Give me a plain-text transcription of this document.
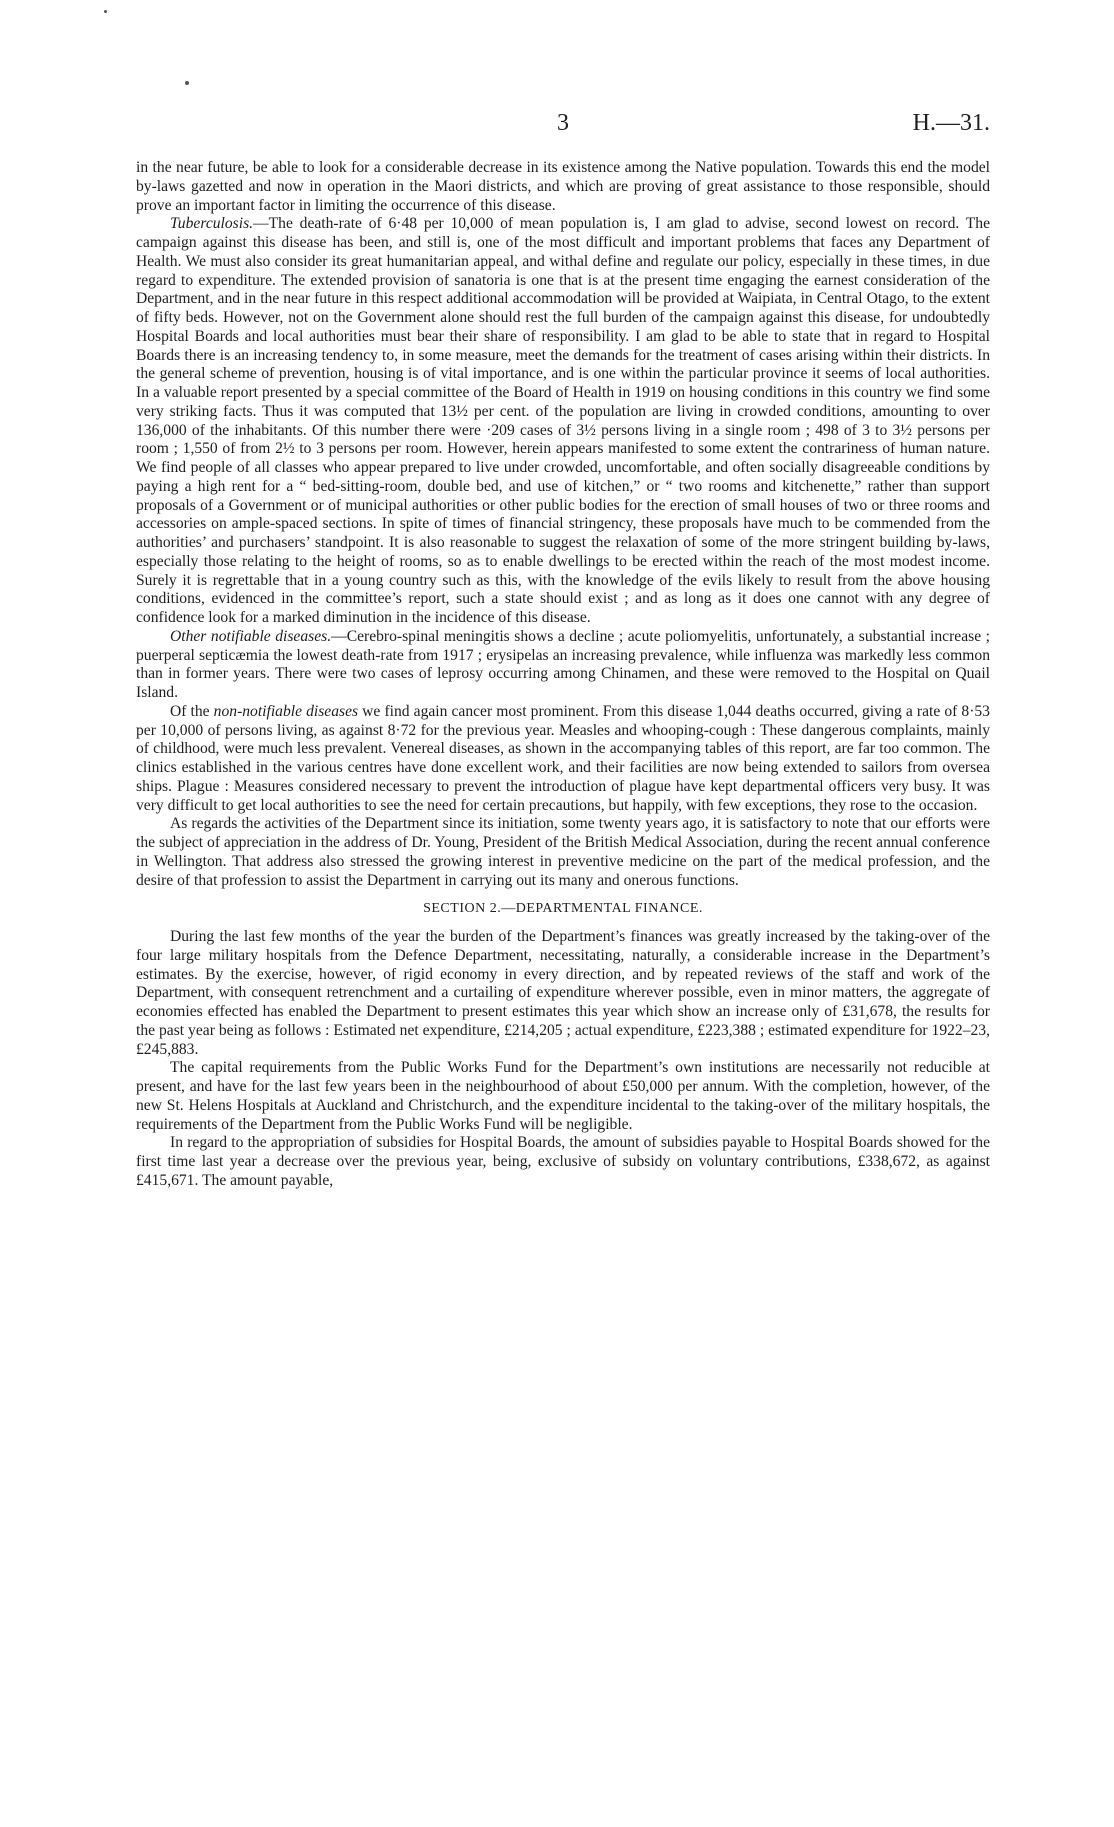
3	H.—31.

in the near future, be able to look for a considerable decrease in its existence among the Native population. Towards this end the model by-laws gazetted and now in operation in the Maori districts, and which are proving of great assistance to those responsible, should prove an important factor in limiting the occurrence of this disease.

Tuberculosis.—The death-rate of 6·48 per 10,000 of mean population is, I am glad to advise, second lowest on record. The campaign against this disease has been, and still is, one of the most difficult and important problems that faces any Department of Health. We must also consider its great humanitarian appeal, and withal define and regulate our policy, especially in these times, in due regard to expenditure. The extended provision of sanatoria is one that is at the present time engaging the earnest consideration of the Department, and in the near future in this respect additional accommodation will be provided at Waipiata, in Central Otago, to the extent of fifty beds. However, not on the Government alone should rest the full burden of the campaign against this disease, for undoubtedly Hospital Boards and local authorities must bear their share of responsibility. I am glad to be able to state that in regard to Hospital Boards there is an increasing tendency to, in some measure, meet the demands for the treatment of cases arising within their districts. In the general scheme of prevention, housing is of vital importance, and is one within the particular province it seems of local authorities. In a valuable report presented by a special committee of the Board of Health in 1919 on housing conditions in this country we find some very striking facts. Thus it was computed that 13½ per cent. of the population are living in crowded conditions, amounting to over 136,000 of the inhabitants. Of this number there were ·209 cases of 3½ persons living in a single room ; 498 of 3 to 3½ persons per room ; 1,550 of from 2½ to 3 persons per room. However, herein appears manifested to some extent the contrariness of human nature. We find people of all classes who appear prepared to live under crowded, uncomfortable, and often socially disagreeable conditions by paying a high rent for a “ bed-sitting-room, double bed, and use of kitchen,” or “ two rooms and kitchenette,” rather than support proposals of a Government or of municipal authorities or other public bodies for the erection of small houses of two or three rooms and accessories on ample-spaced sections. In spite of times of financial stringency, these proposals have much to be commended from the authorities’ and purchasers’ standpoint. It is also reasonable to suggest the relaxation of some of the more stringent building by-laws, especially those relating to the height of rooms, so as to enable dwellings to be erected within the reach of the most modest income. Surely it is regrettable that in a young country such as this, with the knowledge of the evils likely to result from the above housing conditions, evidenced in the committee’s report, such a state should exist ; and as long as it does one cannot with any degree of confidence look for a marked diminution in the incidence of this disease.

Other notifiable diseases.—Cerebro-spinal meningitis shows a decline ; acute poliomyelitis, unfortunately, a substantial increase ; puerperal septicæmia the lowest death-rate from 1917 ; erysipelas an increasing prevalence, while influenza was markedly less common than in former years. There were two cases of leprosy occurring among Chinamen, and these were removed to the Hospital on Quail Island.

Of the non-notifiable diseases we find again cancer most prominent. From this disease 1,044 deaths occurred, giving a rate of 8·53 per 10,000 of persons living, as against 8·72 for the previous year. Measles and whooping-cough : These dangerous complaints, mainly of childhood, were much less prevalent. Venereal diseases, as shown in the accompanying tables of this report, are far too common. The clinics established in the various centres have done excellent work, and their facilities are now being extended to sailors from oversea ships. Plague : Measures considered necessary to prevent the introduction of plague have kept departmental officers very busy. It was very difficult to get local authorities to see the need for certain precautions, but happily, with few exceptions, they rose to the occasion.

As regards the activities of the Department since its initiation, some twenty years ago, it is satisfactory to note that our efforts were the subject of appreciation in the address of Dr. Young, President of the British Medical Association, during the recent annual conference in Wellington. That address also stressed the growing interest in preventive medicine on the part of the medical profession, and the desire of that profession to assist the Department in carrying out its many and onerous functions.

SECTION 2.—DEPARTMENTAL FINANCE.

During the last few months of the year the burden of the Department’s finances was greatly increased by the taking-over of the four large military hospitals from the Defence Department, necessitating, naturally, a considerable increase in the Department’s estimates. By the exercise, however, of rigid economy in every direction, and by repeated reviews of the staff and work of the Department, with consequent retrenchment and a curtailing of expenditure wherever possible, even in minor matters, the aggregate of economies effected has enabled the Department to present estimates this year which show an increase only of £31,678, the results for the past year being as follows : Estimated net expenditure, £214,205 ; actual expenditure, £223,388 ; estimated expenditure for 1922–23, £245,883.

The capital requirements from the Public Works Fund for the Department’s own institutions are necessarily not reducible at present, and have for the last few years been in the neighbourhood of about £50,000 per annum. With the completion, however, of the new St. Helens Hospitals at Auckland and Christchurch, and the expenditure incidental to the taking-over of the military hospitals, the requirements of the Department from the Public Works Fund will be negligible.

In regard to the appropriation of subsidies for Hospital Boards, the amount of subsidies payable to Hospital Boards showed for the first time last year a decrease over the previous year, being, exclusive of subsidy on voluntary contributions, £338,672, as against £415,671. The amount payable,
